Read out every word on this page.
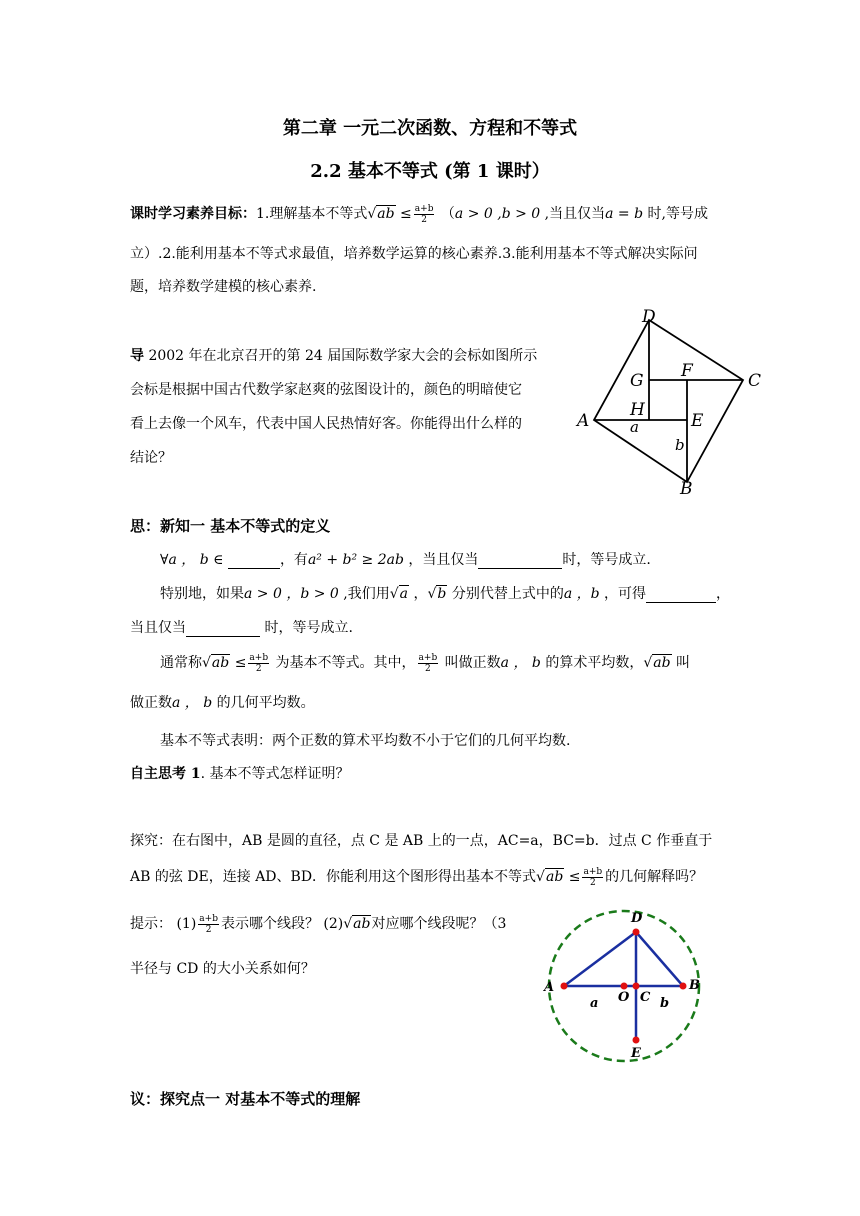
第二章 一元二次函数、方程和不等式
2.2 基本不等式 (第 1 课时）
课时学习素养目标：1.理解基本不等式$√ab \le \frac{a+b}{2} (a > 0$ ,b > 0 ,当且仅当a = b 时,等号成
立）.2.能利用基本不等式求最值，培养数学运算的核心素养.3.能利用基本不等式解决实际问
题，培养数学建模的核心素养.
导 2002 年在北京召开的第 24 届国际数学家大会的会标如图所示
会标是根据中国古代数学家赵爽的弦图设计的，颜色的明暗使它
看上去像一个风车，代表中国人民热情好客。你能得出什么样的
结论？
D
C
A
B
G F
H
E
a
b
思：新知一 基本不等式的定义
∀a ， b ∈	，有a² + b² ≥ 2ab ，当且仅当	时，等号成立.
特别地，如果a > 0 ，b > 0 ,我们用√a ，√b 分别代替上式中的a ，b ，可得	，
当且仅当	时，等号成立.
通常称$√ab \le \frac{a+b}{2}$ 为基本不等式。其中， $\frac{a+b}{2}$ 叫做正数a ， b 的算术平均数，√ab 叫
做正数a ， b 的几何平均数。
基本不等式表明：两个正数的算术平均数不小于它们的几何平均数.
自主思考 1. 基本不等式怎样证明？
探究：在右图中，AB 是圆的直径，点 C 是 AB 上的一点，AC=a，BC=b．过点 C 作垂直于
AB 的弦 DE，连接 AD、BD．你能利用这个图形得出基本不等式$√ab \le \frac{a+b}{2}$ 的几何解释吗？
提示： $(1) \frac{a+b}{2}$ 表示哪个线段？ (2)√ab对应哪个线段呢？（3
半径与 CD 的大小关系如何？
D
A
a O C b
B
E
议：探究点一 对基本不等式的理解
